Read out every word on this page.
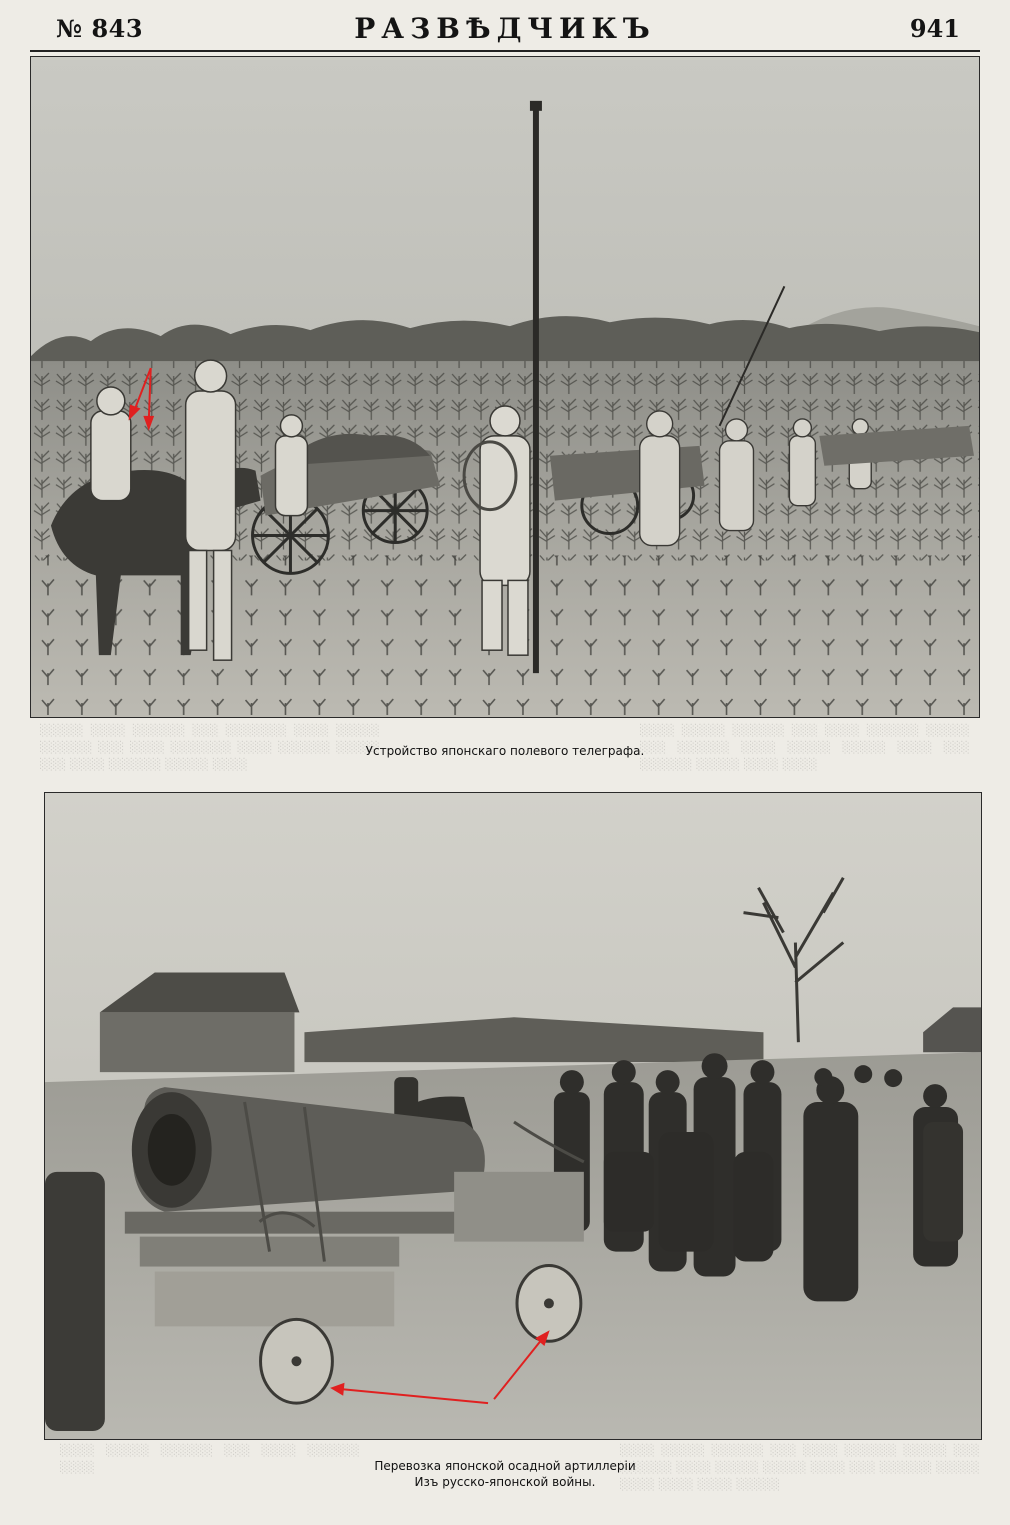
№ 843	РАЗВѢДЧИКЪ	941
░░░░░ ░░░░ ░░░░░░ ░░░ ░░░░░░░ ░░░░ ░░░░░ ░░░░░░ ░░░ ░░░░ ░░░░░░░ ░░░░ ░░░░░░ ░░░░░ ░░░ ░░░░ ░░░░░░ ░░░░░ ░░░░
░░░░ ░░░░░ ░░░░░░ ░░░ ░░░░ ░░░░░░ ░░░░░ ░░░ ░░░░░░ ░░░░ ░░░░░ ░░░░░ ░░░░ ░░░ ░░░░░░ ░░░░░ ░░░░ ░░░░
░░░░ ░░░░░ ░░░░░░ ░░░ ░░░░ ░░░░░░ ░░░░
░░░░ ░░░░░ ░░░░░░ ░░░ ░░░░ ░░░░░░ ░░░░░ ░░░ ░░░░░░ ░░░░ ░░░░░ ░░░░░ ░░░░ ░░░ ░░░░░░ ░░░░░ ░░░░ ░░░░ ░░░░ ░░░░░
Устройство японскаго полевого телеграфа.
Перевозка японской осадной артиллерiи
Изъ русско-японской войны.
